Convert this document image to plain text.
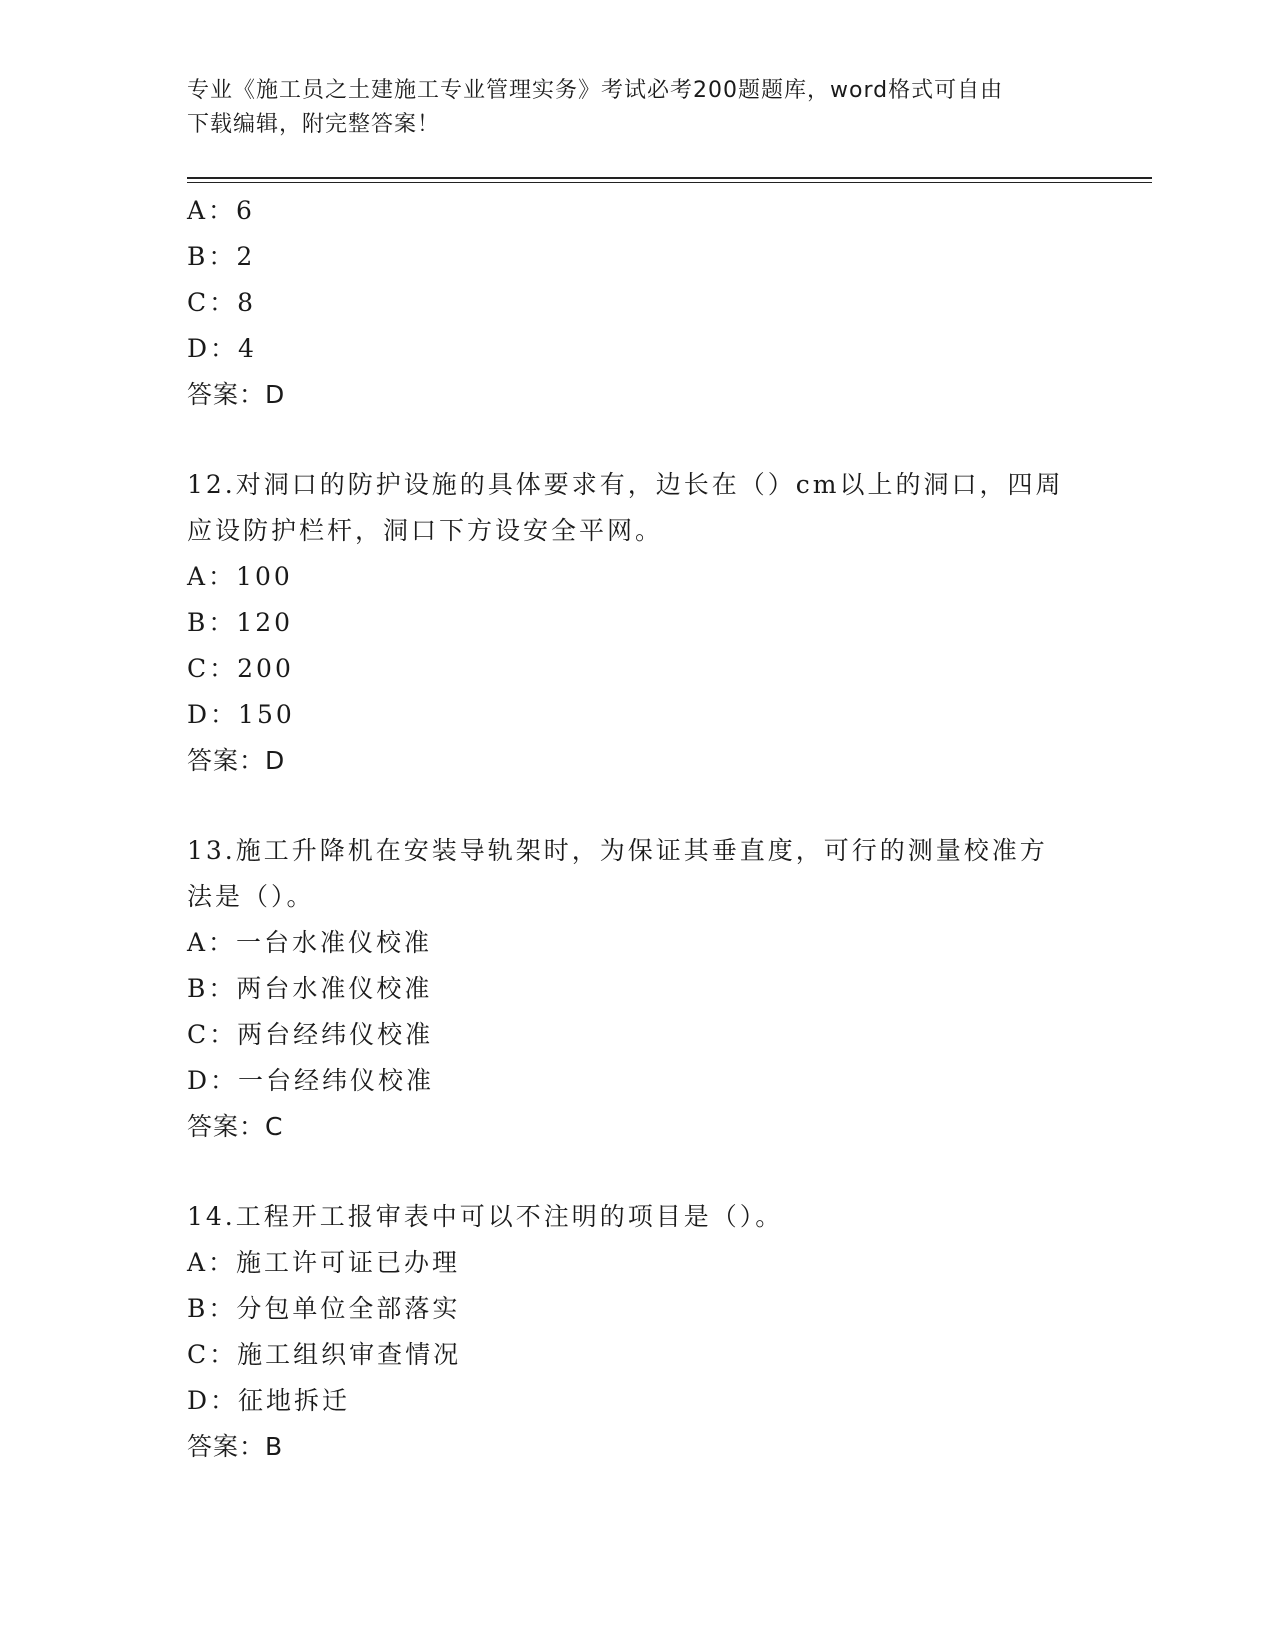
专业《施工员之土建施工专业管理实务》考试必考200题题库，word格式可自由
下载编辑，附完整答案！
A：6
B：2
C：8
D：4
答案：D
12.对洞口的防护设施的具体要求有，边长在（）cm以上的洞口，四周
应设防护栏杆，洞口下方设安全平网。
A：100
B：120
C：200
D：150
答案：D
13.施工升降机在安装导轨架时，为保证其垂直度，可行的测量校准方
法是（）。
A：一台水准仪校准
B：两台水准仪校准
C：两台经纬仪校准
D：一台经纬仪校准
答案：C
14.工程开工报审表中可以不注明的项目是（）。
A：施工许可证已办理
B：分包单位全部落实
C：施工组织审查情况
D：征地拆迁
答案：B
